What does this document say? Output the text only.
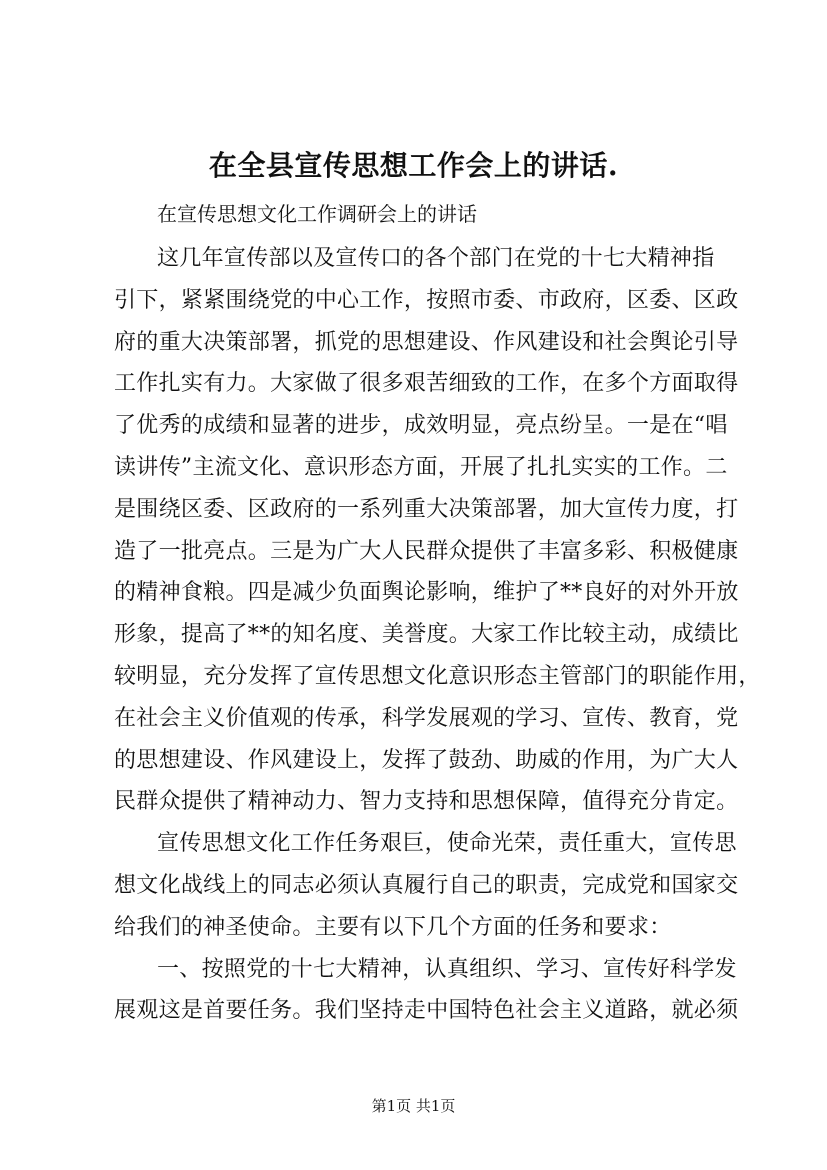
在全县宣传思想工作会上的讲话.

在宣传思想文化工作调研会上的讲话

这几年宣传部以及宣传口的各个部门在党的十七大精神指
引下，紧紧围绕党的中心工作，按照市委、市政府，区委、区政
府的重大决策部署，抓党的思想建设、作风建设和社会舆论引导
工作扎实有力。大家做了很多艰苦细致的工作，在多个方面取得
了优秀的成绩和显著的进步，成效明显，亮点纷呈。一是在“唱
读讲传”主流文化、意识形态方面，开展了扎扎实实的工作。二
是围绕区委、区政府的一系列重大决策部署，加大宣传力度，打
造了一批亮点。三是为广大人民群众提供了丰富多彩、积极健康
的精神食粮。四是减少负面舆论影响，维护了**良好的对外开放
形象，提高了**的知名度、美誉度。大家工作比较主动，成绩比
较明显，充分发挥了宣传思想文化意识形态主管部门的职能作用，
在社会主义价值观的传承，科学发展观的学习、宣传、教育，党
的思想建设、作风建设上，发挥了鼓劲、助威的作用，为广大人
民群众提供了精神动力、智力支持和思想保障，值得充分肯定。
宣传思想文化工作任务艰巨，使命光荣，责任重大，宣传思
想文化战线上的同志必须认真履行自己的职责，完成党和国家交
给我们的神圣使命。主要有以下几个方面的任务和要求：
一、按照党的十七大精神，认真组织、学习、宣传好科学发
展观这是首要任务。我们坚持走中国特色社会主义道路，就必须

第1页 共1页
